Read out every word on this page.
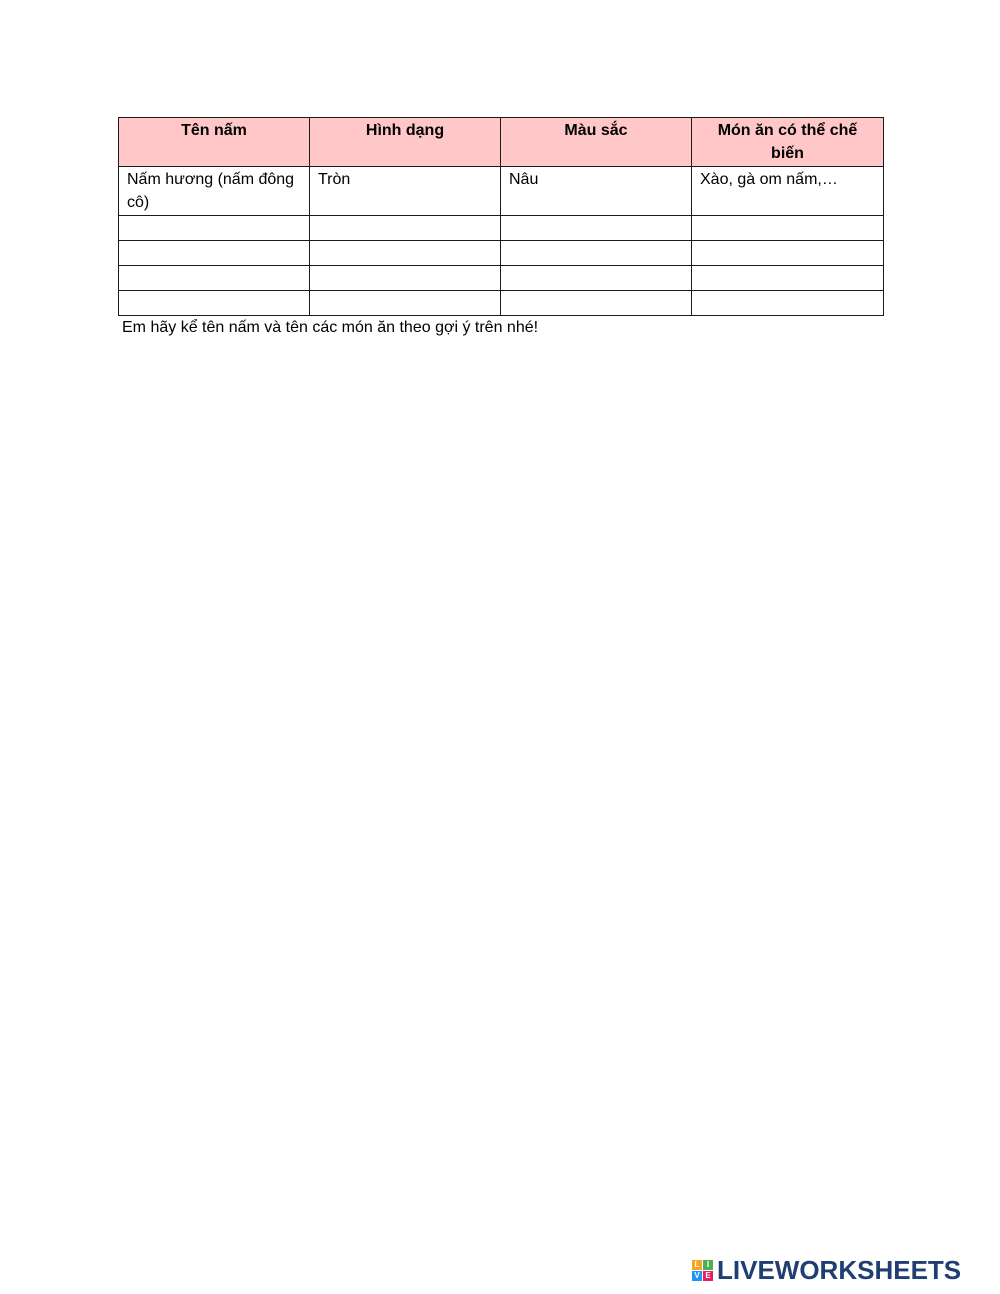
Tên nấm	Hình dạng	Màu sắc	Món ăn có thể chế biến
Nấm hương (nấm đông cô)	Tròn	Nâu	Xào, gà om nấm,…

Em hãy kể tên nấm và tên các món ăn theo gợi ý trên nhé!
L I
V E LIVEWORKSHEETS
